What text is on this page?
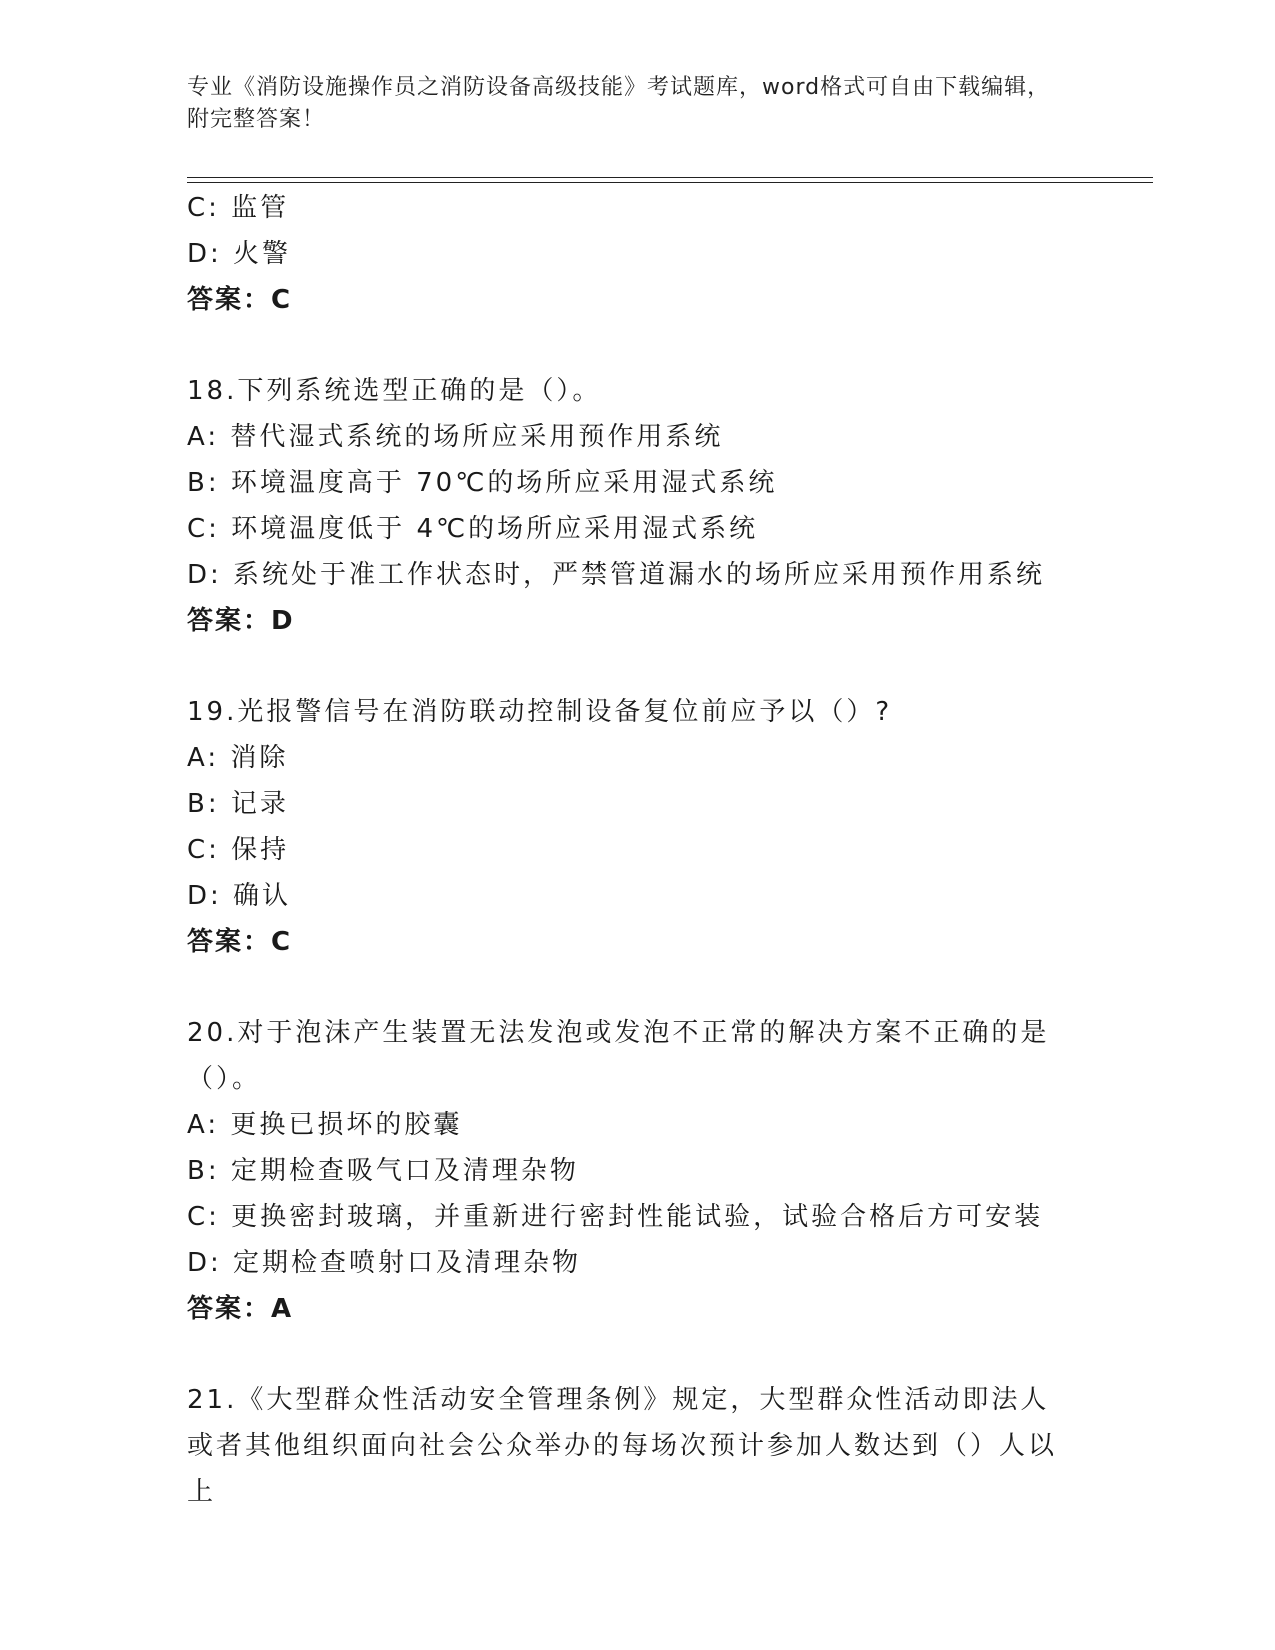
专业《消防设施操作员之消防设备高级技能》考试题库，word格式可自由下载编辑，附完整答案！
C: 监管
D: 火警
答案：C
18.下列系统选型正确的是（）。
A: 替代湿式系统的场所应采用预作用系统
B: 环境温度高于 70℃的场所应采用湿式系统
C: 环境温度低于 4℃的场所应采用湿式系统
D: 系统处于准工作状态时，严禁管道漏水的场所应采用预作用系统
答案：D
19.光报警信号在消防联动控制设备复位前应予以（）?
A: 消除
B: 记录
C: 保持
D: 确认
答案：C
20.对于泡沫产生装置无法发泡或发泡不正常的解决方案不正确的是（）。
A: 更换已损坏的胶囊
B: 定期检查吸气口及清理杂物
C: 更换密封玻璃，并重新进行密封性能试验，试验合格后方可安装
D: 定期检查喷射口及清理杂物
答案：A
21.《大型群众性活动安全管理条例》规定，大型群众性活动即法人或者其他组织面向社会公众举办的每场次预计参加人数达到（）人以上
